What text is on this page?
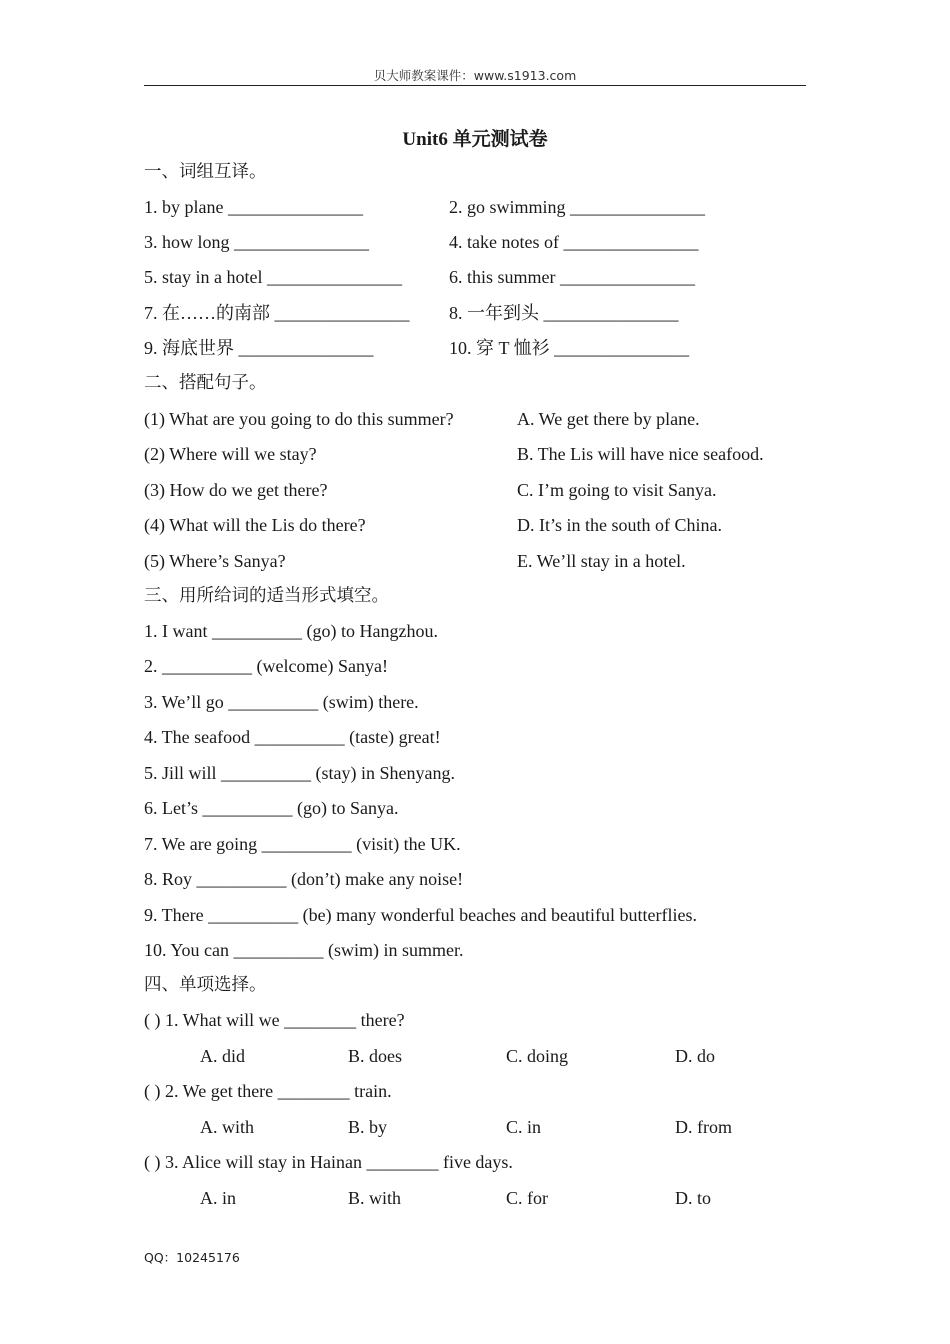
贝大师教案课件：www.s1913.com
Unit6 单元测试卷
一、词组互译。
1. by plane _______________	2. go swimming _______________
3. how long _______________	4. take notes of _______________
5. stay in a hotel _______________	6. this summer _______________
7. 在……的南部 _______________ 8. 一年到头 _______________
9. 海底世界 _______________	10. 穿 T 恤衫 _______________
二、搭配句子。
(1) What are you going to do this summer?	A. We get there by plane.
(2) Where will we stay?	B. The Lis will have nice seafood.
(3) How do we get there?	C. I’m going to visit Sanya.
(4) What will the Lis do there?	D. It’s in the south of China.
(5) Where’s Sanya?	E. We’ll stay in a hotel.
三、用所给词的适当形式填空。
1. I want __________ (go) to Hangzhou.
2. __________ (welcome) Sanya!
3. We’ll go __________ (swim) there.
4. The seafood __________ (taste) great!
5. Jill will __________ (stay) in Shenyang.
6. Let’s __________ (go) to Sanya.
7. We are going __________ (visit) the UK.
8. Roy __________ (don’t) make any noise!
9. There __________ (be) many wonderful beaches and beautiful butterflies.
10. You can __________ (swim) in summer.
四、单项选择。
( ) 1. What will we ________ there?
A. did	B. does	C. doing	D. do
( ) 2. We get there ________ train.
A. with	B. by	C. in	D. from
( ) 3. Alice will stay in Hainan ________ five days.
A. in	B. with	C. for	D. to
QQ：10245176
